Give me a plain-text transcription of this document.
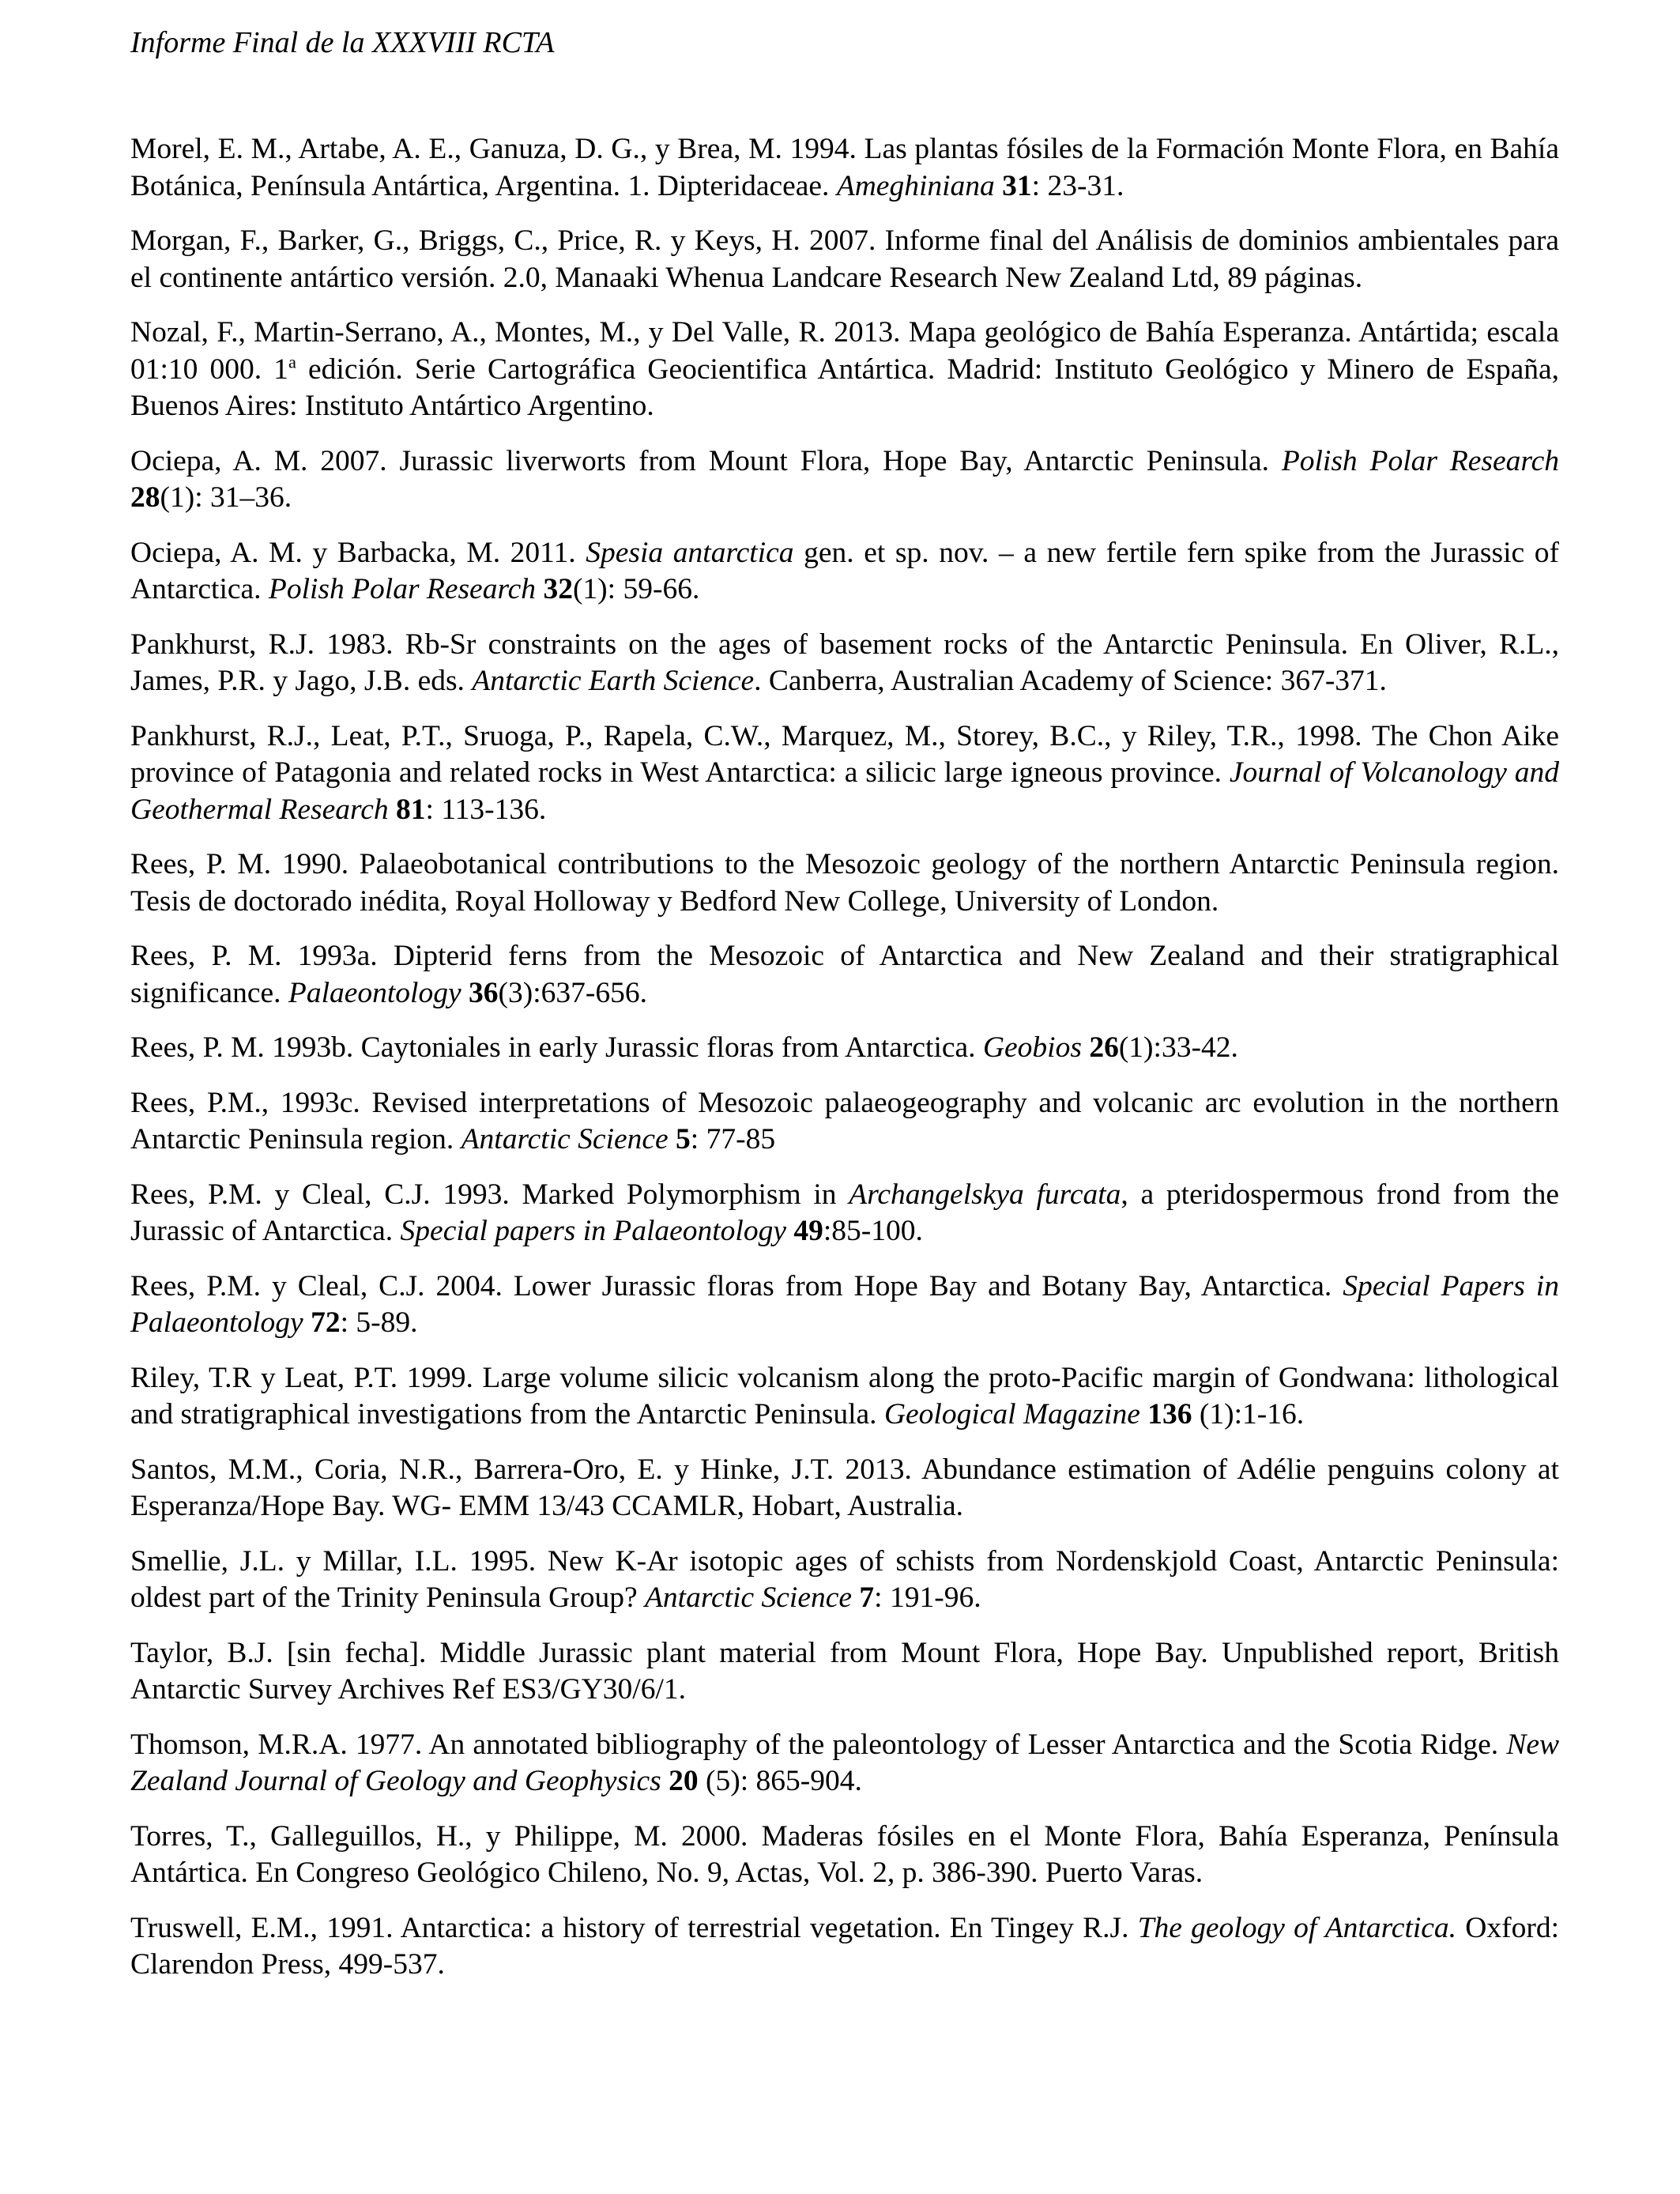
Informe Final de la XXXVIII RCTA

Morel, E. M., Artabe, A. E., Ganuza, D. G., y Brea, M. 1994. Las plantas fósiles de la Formación Monte Flora, en Bahía Botánica, Península Antártica, Argentina. 1. Dipteridaceae. Ameghiniana 31: 23-31.

Morgan, F., Barker, G., Briggs, C., Price, R. y Keys, H. 2007. Informe final del Análisis de dominios ambientales para el continente antártico versión. 2.0, Manaaki Whenua Landcare Research New Zealand Ltd, 89 páginas.

Nozal, F., Martin-Serrano, A., Montes, M., y Del Valle, R. 2013. Mapa geológico de Bahía Esperanza. Antártida; escala 01:10 000. 1$^a$ edición. Serie Cartográfica Geocientifica Antártica. Madrid: Instituto Geológico y Minero de España, Buenos Aires: Instituto Antártico Argentino.

Ociepa, A. M. 2007. Jurassic liverworts from Mount Flora, Hope Bay, Antarctic Peninsula. Polish Polar Research 28(1): 31–36.

Ociepa, A. M. y Barbacka, M. 2011. Spesia antarctica gen. et sp. nov. – a new fertile fern spike from the Jurassic of Antarctica. Polish Polar Research 32(1): 59-66.

Pankhurst, R.J. 1983. Rb-Sr constraints on the ages of basement rocks of the Antarctic Peninsula. En Oliver, R.L., James, P.R. y Jago, J.B. eds. Antarctic Earth Science. Canberra, Australian Academy of Science: 367-371.

Pankhurst, R.J., Leat, P.T., Sruoga, P., Rapela, C.W., Marquez, M., Storey, B.C., y Riley, T.R., 1998. The Chon Aike province of Patagonia and related rocks in West Antarctica: a silicic large igneous province. Journal of Volcanology and Geothermal Research 81: 113-136.

Rees, P. M. 1990. Palaeobotanical contributions to the Mesozoic geology of the northern Antarctic Peninsula region. Tesis de doctorado inédita, Royal Holloway y Bedford New College, University of London.

Rees, P. M. 1993a. Dipterid ferns from the Mesozoic of Antarctica and New Zealand and their stratigraphical significance. Palaeontology 36(3):637-656.

Rees, P. M. 1993b. Caytoniales in early Jurassic floras from Antarctica. Geobios 26(1):33-42.

Rees, P.M., 1993c. Revised interpretations of Mesozoic palaeogeography and volcanic arc evolution in the northern Antarctic Peninsula region. Antarctic Science 5: 77-85

Rees, P.M. y Cleal, C.J. 1993. Marked Polymorphism in Archangelskya furcata, a pteridospermous frond from the Jurassic of Antarctica. Special papers in Palaeontology 49:85-100.

Rees, P.M. y Cleal, C.J. 2004. Lower Jurassic floras from Hope Bay and Botany Bay, Antarctica. Special Papers in Palaeontology 72: 5-89.

Riley, T.R y Leat, P.T. 1999. Large volume silicic volcanism along the proto-Pacific margin of Gondwana: lithological and stratigraphical investigations from the Antarctic Peninsula. Geological Magazine 136 (1):1-16.

Santos, M.M., Coria, N.R., Barrera-Oro, E. y Hinke, J.T. 2013. Abundance estimation of Adélie penguins colony at Esperanza/Hope Bay. WG- EMM 13/43 CCAMLR, Hobart, Australia.

Smellie, J.L. y Millar, I.L. 1995. New K-Ar isotopic ages of schists from Nordenskjold Coast, Antarctic Peninsula: oldest part of the Trinity Peninsula Group? Antarctic Science 7: 191-96.

Taylor, B.J. [sin fecha]. Middle Jurassic plant material from Mount Flora, Hope Bay. Unpublished report, British Antarctic Survey Archives Ref ES3/GY30/6/1.

Thomson, M.R.A. 1977. An annotated bibliography of the paleontology of Lesser Antarctica and the Scotia Ridge. New Zealand Journal of Geology and Geophysics 20 (5): 865-904.

Torres, T., Galleguillos, H., y Philippe, M. 2000. Maderas fósiles en el Monte Flora, Bahía Esperanza, Península Antártica. En Congreso Geológico Chileno, No. 9, Actas, Vol. 2, p. 386-390. Puerto Varas.

Truswell, E.M., 1991. Antarctica: a history of terrestrial vegetation. En Tingey R.J. The geology of Antarctica. Oxford: Clarendon Press, 499-537.
